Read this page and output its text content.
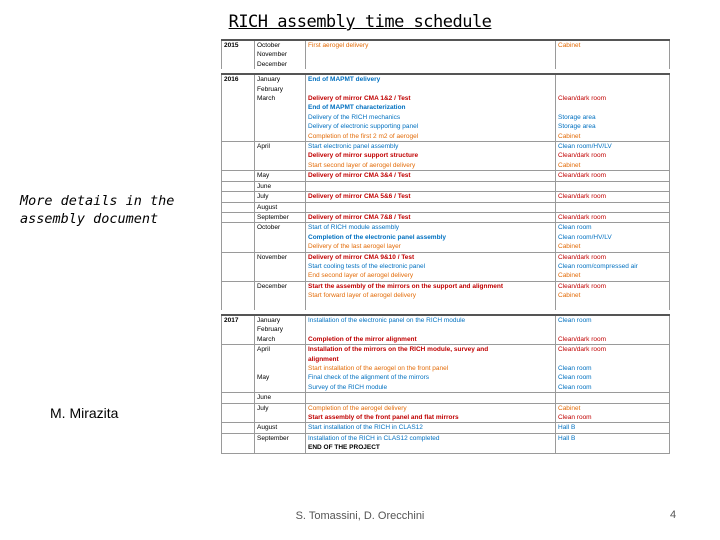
RICH assembly time schedule
More details in the assembly document
M. Mirazita
2015	October	First aerogel delivery	Cabinet
	November		
	December		

2016	January	End of MAPMT delivery	
	February		
	March	Delivery of mirror CMA 1&2 / Test	Clean/dark room
		End of MAPMT characterization	
		Delivery of the RICH mechanics	Storage area
		Delivery of electronic supporting panel	Storage area
		Completion of the first 2 m2 of aerogel	Cabinet
	April	Start electronic panel assembly	Clean room/HV/LV
		Delivery of mirror support structure	Clean/dark room
		Start second layer of aerogel delivery	Cabinet
	May	Delivery of mirror CMA 3&4 / Test	Clean/dark room
	June		
	July	Delivery of mirror CMA 5&6 / Test	Clean/dark room
	August		
	September	Delivery of mirror CMA 7&8 / Test	Clean/dark room
	October	Start of RICH module assembly	Clean room
		Completion of the electronic panel assembly	Clean room/HV/LV
		Delivery of the last aerogel layer	Cabinet
	November	Delivery of mirror CMA 9&10 / Test	Clean/dark room
		Start cooling tests of the electronic panel	Clean room/compressed air
		End second layer of aerogel delivery	Cabinet
	December	Start the assembly of the mirrors on the support and alignment	Clean/dark room
		Start forward layer of aerogel delivery	Cabinet

2017	January	Installation of the electronic panel on the RICH module	Clean room
	February		
	March	Completion of the mirror alignment	Clean/dark room
	April	Installation of the mirrors on the RICH module, survey and	Clean/dark room
		alignment	
		Start installation of the aerogel on the front panel	Clean room
	May	Final check of the alignment of the mirrors	Clean room
		Survey of the RICH module	Clean room
	June		
	July	Completion of the aerogel delivery	Cabinet
		Start assembly of the front panel and flat mirrors	Clean room
	August	Start installation of the RICH in CLAS12	Hall B
	September	Installation of the RICH in CLAS12 completed	Hall B
		END OF THE PROJECT	
S. Tomassini, D. Orecchini	4
